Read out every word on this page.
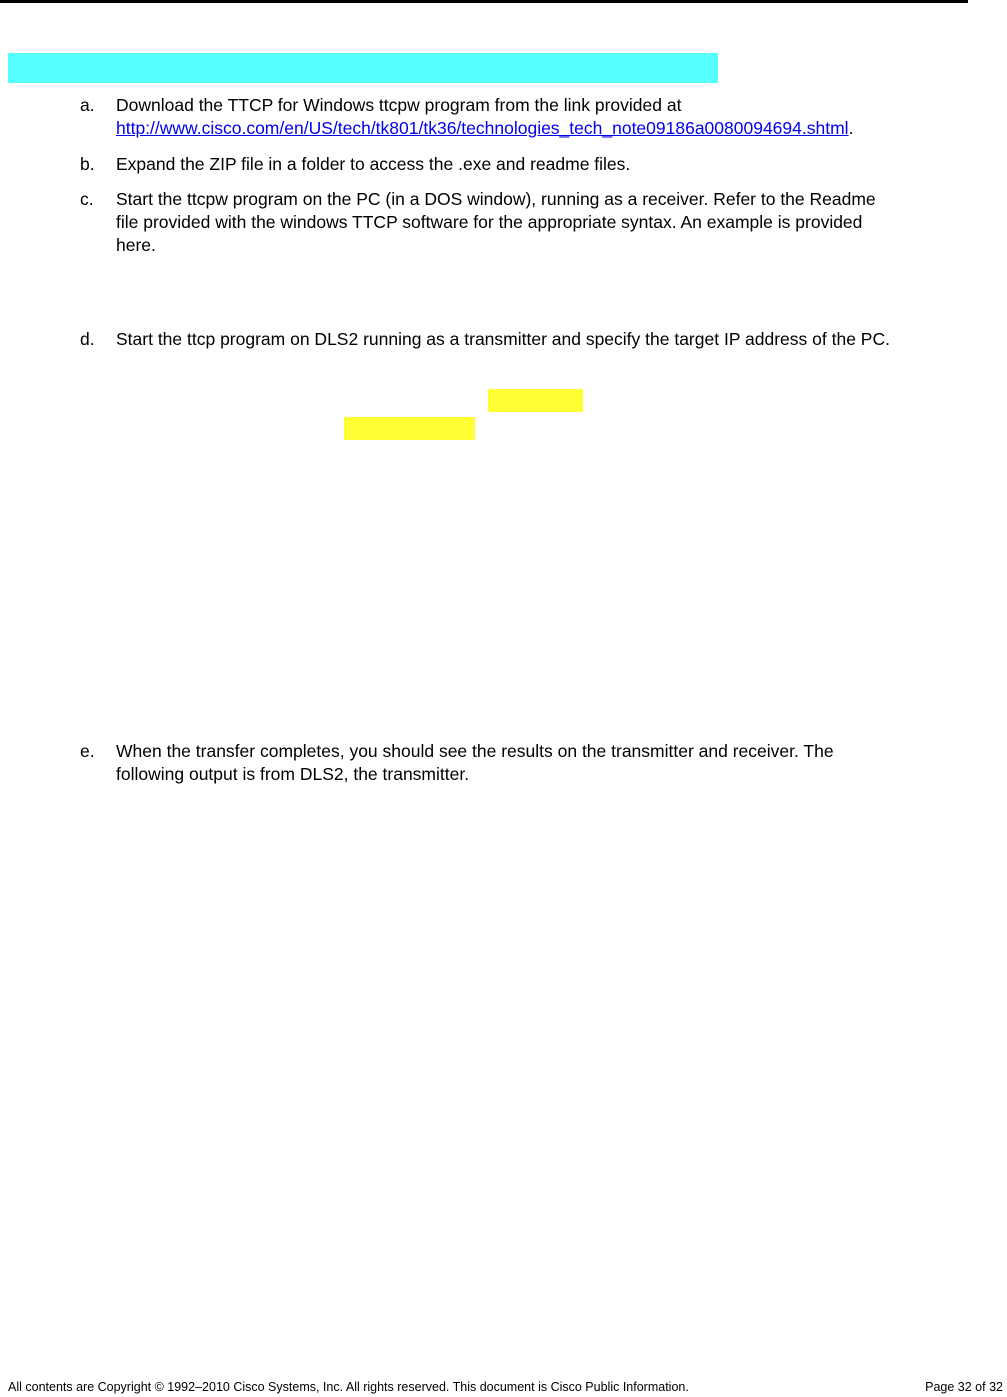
a. Download the TTCP for Windows ttcpw program from the link provided at
http://www.cisco.com/en/US/tech/tk801/tk36/technologies_tech_note09186a0080094694.shtml.
b. Expand the ZIP file in a folder to access the .exe and readme files.
c. Start the ttcpw program on the PC (in a DOS window), running as a receiver. Refer to the Readme
file provided with the windows TTCP software for the appropriate syntax. An example is provided
here.
d. Start the ttcp program on DLS2 running as a transmitter and specify the target IP address of the PC.
e. When the transfer completes, you should see the results on the transmitter and receiver. The
following output is from DLS2, the transmitter.
All contents are Copyright © 1992–2010 Cisco Systems, Inc. All rights reserved. This document is Cisco Public Information.	Page 32 of 32
